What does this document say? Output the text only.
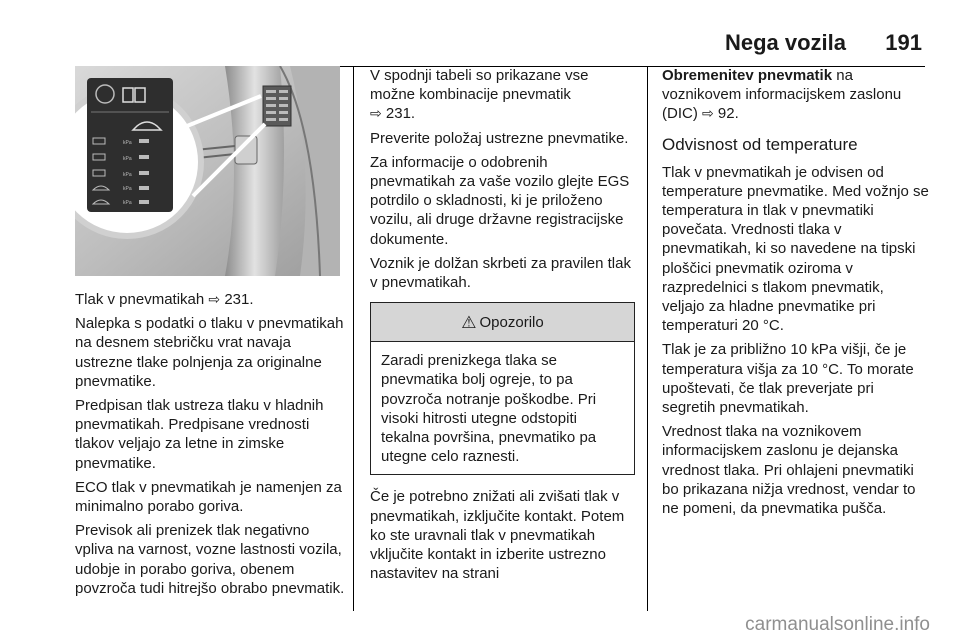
Nega vozila 191
kPa
kPa
kPa
kPa
kPa

Tlak v pnevmatikah ⇨ 231.

Nalepka s podatki o tlaku v pnevmatikah na desnem stebričku vrat navaja ustrezne tlake polnjenja za originalne pnevmatike.

Predpisan tlak ustreza tlaku v hladnih pnevmatikah. Predpisane vrednosti tlakov veljajo za letne in zimske pnevmatike.

ECO tlak v pnevmatikah je namenjen za minimalno porabo goriva.

Previsok ali prenizek tlak negativno vpliva na varnost, vozne lastnosti vozila, udobje in porabo goriva, obenem povzroča tudi hitrejšo obrabo pnevmatik.

V spodnji tabeli so prikazane vse možne kombinacije pnevmatik
⇨ 231.

Preverite položaj ustrezne pnevmatike.

Za informacije o odobrenih pnevmatikah za vaše vozilo glejte EGS potrdilo o skladnosti, ki je priloženo vozilu, ali druge državne registracijske dokumente.

Voznik je dolžan skrbeti za pravilen tlak v pnevmatikah.

⚠ Opozorilo
Zaradi prenizkega tlaka se pnevmatika bolj ogreje, to pa povzroča notranje poškodbe. Pri visoki hitrosti utegne odstopiti tekalna površina, pnevmatiko pa utegne celo raznesti.

Če je potrebno znižati ali zvišati tlak v pnevmatikah, izključite kontakt. Potem ko ste uravnali tlak v pnevmatikah vključite kontakt in izberite ustrezno nastavitev na strani

Obremenitev pnevmatik na voznikovem informacijskem zaslonu (DIC) ⇨ 92.

Odvisnost od temperature

Tlak v pnevmatikah je odvisen od temperature pnevmatike. Med vožnjo se temperatura in tlak v pnevmatiki povečata. Vrednosti tlaka v pnevmatikah, ki so navedene na tipski ploščici pnevmatik oziroma v razpredelnici s tlakom pnevmatik, veljajo za hladne pnevmatike pri temperaturi 20 °C.

Tlak je za približno 10 kPa višji, če je temperatura višja za 10 °C. To morate upoštevati, če tlak preverjate pri segretih pnevmatikah.

Vrednost tlaka na voznikovem informacijskem zaslonu je dejanska vrednost tlaka. Pri ohlajeni pnevmatiki bo prikazana nižja vrednost, vendar to ne pomeni, da pnevmatika pušča.

carmanualsonline.info
